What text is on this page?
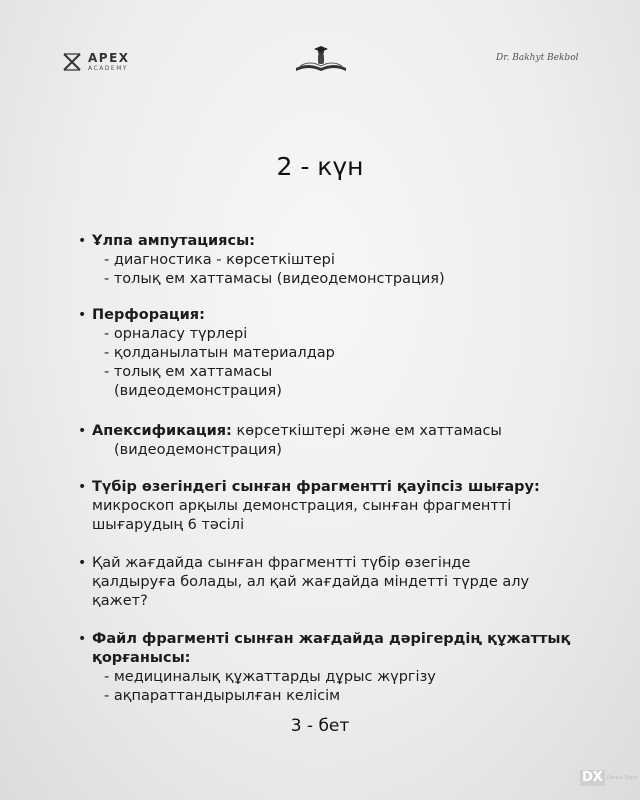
APEX
ACADEMY
Dr. Bakhyt Bekbol
2 - күн
• Ұлпа ампутациясы:
- диагностика - көрсеткіштері
- толық ем хаттамасы (видеодемонстрация)
• Перфорация:
- орналасу түрлері
- қолданылатын материалдар
- толық ем хаттамасы
(видеодемонстрация)
• Апексификация: көрсеткіштері және ем хаттамасы
(видеодемонстрация)
• Түбір өзегіндегі сынған фрагментті қауіпсіз шығару:
микроскоп арқылы демонстрация, сынған фрагментті
шығарудың 6 тәсілі
• Қай жағдайда сынған фрагментті түбір өзегінде
қалдыруға болады, ал қай жағдайда міндетті түрде алу
қажет?
• Файл фрагменті сынған жағдайда дәрігердің құжаттық
қорғанысы:
- медициналық құжаттарды дұрыс жүргізу
- ақпараттандырылған келісім
3 - бет
DX Dental Expo
